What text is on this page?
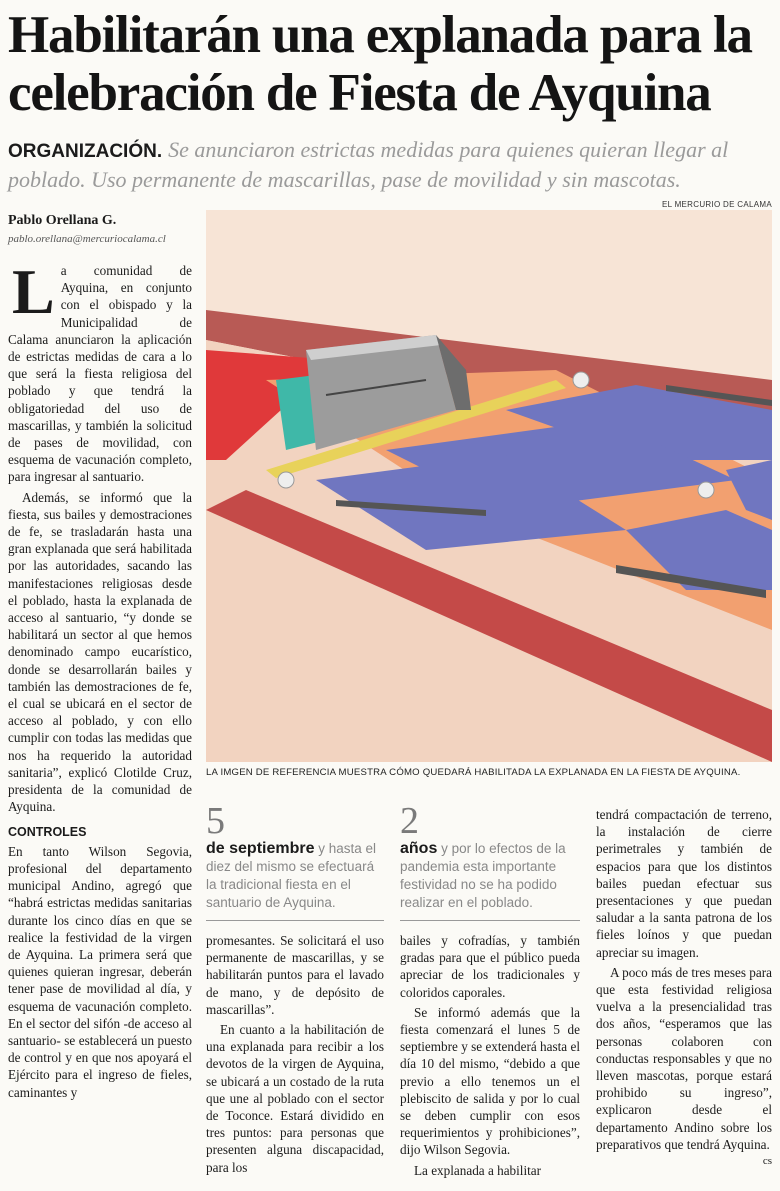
Habilitarán una explanada para la
celebración de Fiesta de Ayquina
ORGANIZACIÓN. Se anunciaron estrictas medidas para quienes quieran llegar al poblado. Uso permanente de mascarillas, pase de movilidad y sin mascotas.
EL MERCURIO DE CALAMA
Pablo Orellana G.
pablo.orellana@mercuriocalama.cl

La comunidad de Ayquina, en conjunto con el obispado y la Municipalidad de Calama anunciaron la aplicación de estrictas medidas de cara a lo que será la fiesta religiosa del poblado y que tendrá la obligatoriedad del uso de mascarillas, y también la solicitud de pases de movilidad, con esquema de vacunación completo, para ingresar al santuario.

Además, se informó que la fiesta, sus bailes y demostraciones de fe, se trasladarán hasta una gran explanada que será habilitada por las autoridades, sacando las manifestaciones religiosas desde el poblado, hasta la explanada de acceso al santuario, “y donde se habilitará un sector al que hemos denominado campo eucarístico, donde se desarrollarán bailes y también las demostraciones de fe, el cual se ubicará en el sector de acceso al poblado, y con ello cumplir con todas las medidas que nos ha requerido la autoridad sanitaria”, explicó Clotilde Cruz, presidenta de la comunidad de Ayquina.

CONTROLES

En tanto Wilson Segovia, profesional del departamento municipal Andino, agregó que “habrá estrictas medidas sanitarias durante los cinco días en que se realice la festividad de la virgen de Ayquina. La primera será que quienes quieran ingresar, deberán tener pase de movilidad al día, y esquema de vacunación completo. En el sector del sifón -de acceso al santuario- se establecerá un puesto de control y en que nos apoyará el Ejército para el ingreso de fieles, caminantes y

LA IMGEN DE REFERENCIA MUESTRA CÓMO QUEDARÁ HABILITADA LA EXPLANADA EN LA FIESTA DE AYQUINA.
5
de septiembre y hasta el diez del mismo se efectuará la tradicional fiesta en el santuario de Ayquina.
2
años y por lo efectos de la pandemia esta importante festividad no se ha podido realizar en el poblado.

promesantes. Se solicitará el uso permanente de mascarillas, y se habilitarán puntos para el lavado de mano, y de depósito de mascarillas”.

En cuanto a la habilitación de una explanada para recibir a los devotos de la virgen de Ayquina, se ubicará a un costado de la ruta que une al poblado con el sector de Toconce. Estará dividido en tres puntos: para personas que presenten alguna discapacidad, para los

bailes y cofradías, y también gradas para que el público pueda apreciar de los tradicionales y coloridos caporales.

Se informó además que la fiesta comenzará el lunes 5 de septiembre y se extenderá hasta el día 10 del mismo, “debido a que previo a ello tenemos un el plebiscito de salida y por lo cual se deben cumplir con esos requerimientos y prohibiciones”, dijo Wilson Segovia.

La explanada a habilitar

tendrá compactación de terreno, la instalación de cierre perimetrales y también de espacios para que los distintos bailes puedan efectuar sus presentaciones y que puedan saludar a la santa patrona de los fieles loínos y que puedan apreciar su imagen.

A poco más de tres meses para que esta festividad religiosa vuelva a la presencialidad tras dos años, “esperamos que las personas colaboren con conductas responsables y que no lleven mascotas, porque estará prohibido su ingreso”, explicaron desde el departamento Andino sobre los preparativos que tendrá Ayquina.
cs
